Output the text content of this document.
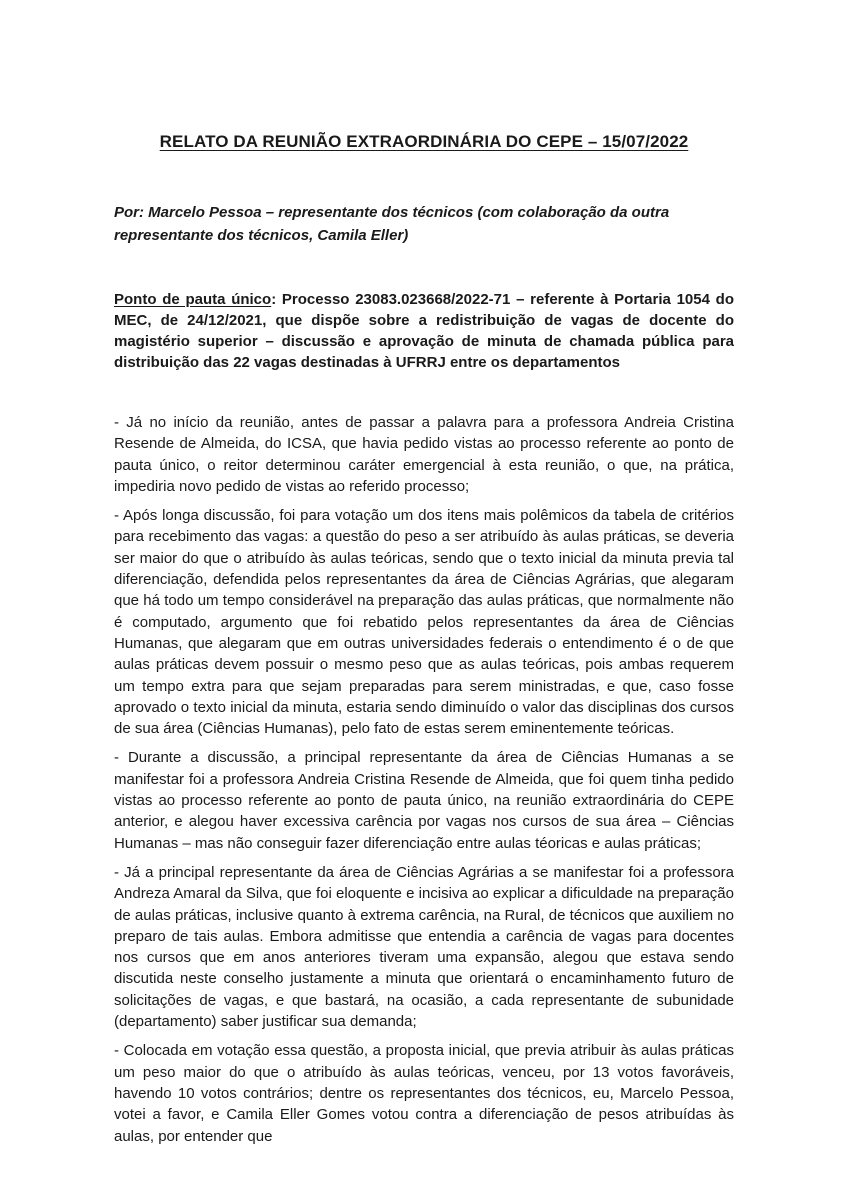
RELATO DA REUNIÃO EXTRAORDINÁRIA DO CEPE – 15/07/2022

Por: Marcelo Pessoa – representante dos técnicos (com colaboração da outra representante dos técnicos, Camila Eller)

Ponto de pauta único: Processo 23083.023668/2022-71 – referente à Portaria 1054 do MEC, de 24/12/2021, que dispõe sobre a redistribuição de vagas de docente do magistério superior – discussão e aprovação de minuta de chamada pública para distribuição das 22 vagas destinadas à UFRRJ entre os departamentos

- Já no início da reunião, antes de passar a palavra para a professora Andreia Cristina Resende de Almeida, do ICSA, que havia pedido vistas ao processo referente ao ponto de pauta único, o reitor determinou caráter emergencial à esta reunião, o que, na prática, impediria novo pedido de vistas ao referido processo;

- Após longa discussão, foi para votação um dos itens mais polêmicos da tabela de critérios para recebimento das vagas: a questão do peso a ser atribuído às aulas práticas, se deveria ser maior do que o atribuído às aulas teóricas, sendo que o texto inicial da minuta previa tal diferenciação, defendida pelos representantes da área de Ciências Agrárias, que alegaram que há todo um tempo considerável na preparação das aulas práticas, que normalmente não é computado, argumento que foi rebatido pelos representantes da área de Ciências Humanas, que alegaram que em outras universidades federais o entendimento é o de que aulas práticas devem possuir o mesmo peso que as aulas teóricas, pois ambas requerem um tempo extra para que sejam preparadas para serem ministradas, e que, caso fosse aprovado o texto inicial da minuta, estaria sendo diminuído o valor das disciplinas dos cursos de sua área (Ciências Humanas), pelo fato de estas serem eminentemente teóricas.

- Durante a discussão, a principal representante da área de Ciências Humanas a se manifestar foi a professora Andreia Cristina Resende de Almeida, que foi quem tinha pedido vistas ao processo referente ao ponto de pauta único, na reunião extraordinária do CEPE anterior, e alegou haver excessiva carência por vagas nos cursos de sua área – Ciências Humanas – mas não conseguir fazer diferenciação entre aulas téoricas e aulas práticas;

- Já a principal representante da área de Ciências Agrárias a se manifestar foi a professora Andreza Amaral da Silva, que foi eloquente e incisiva ao explicar a dificuldade na preparação de aulas práticas, inclusive quanto à extrema carência, na Rural, de técnicos que auxiliem no preparo de tais aulas. Embora admitisse que entendia a carência de vagas para docentes nos cursos que em anos anteriores tiveram uma expansão, alegou que estava sendo discutida neste conselho justamente a minuta que orientará o encaminhamento futuro de solicitações de vagas, e que bastará, na ocasião, a cada representante de subunidade (departamento) saber justificar sua demanda;

- Colocada em votação essa questão, a proposta inicial, que previa atribuir às aulas práticas um peso maior do que o atribuído às aulas teóricas, venceu, por 13 votos favoráveis, havendo 10 votos contrários; dentre os representantes dos técnicos, eu, Marcelo Pessoa, votei a favor, e Camila Eller Gomes votou contra a diferenciação de pesos atribuídas às aulas, por entender que
